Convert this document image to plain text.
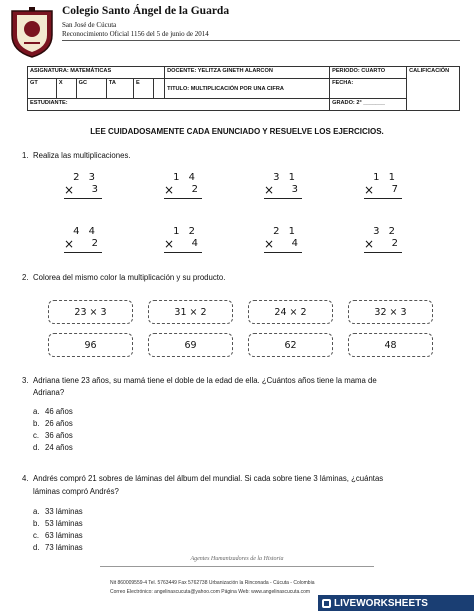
Colegio Santo Ángel de la Guarda
San José de Cúcuta
Reconocimiento Oficial 1156 del 5 de junio de 2014
ASIGNATURA: MATEMÁTICAS						DOCENTE: YELITZA GINETH ALARCON	PERIODO: CUARTO	CALIFICACIÓN
GT	X	GC	TA	E		TITULO: MULTIPLICACIÓN POR UNA CIFRA	FECHA:	
ESTUDIANTE:							GRADO: 2° _______	
LEE CUIDADOSAMENTE CADA ENUNCIADO Y RESUELVE LOS EJERCICIOS.
1. Realiza las multiplicaciones.
2 3
× 3
1 4
× 2
3 1
× 3
1 1
× 7
4 4
× 2
1 2
× 4
2 1
× 4
3 2
× 2
2. Colorea del mismo color la multiplicación y su producto.
23 × 3	31 × 2	24 × 2	32 × 3
96	69	62	48
3. Adriana tiene 23 años, su mamá tiene el doble de la edad de ella. ¿Cuántos años tiene la mama de
Adriana?
a. 46 años
b. 26 años
c. 36 años
d. 24 años
4. Andrés compró 21 sobres de láminas del álbum del mundial. Si cada sobre tiene 3 láminas, ¿cuántas
láminas compró Andrés?
a. 33 láminas
b. 53 láminas
c. 63 láminas
d. 73 láminas
Agentes Humanizadores de la Historia
Nit 860009559-4 Tel. 5763449 Fax 5762738 Urbanización la Rinconada - Cúcuta - Colombia
Correo Electrónico: angelinascucuta@yahoo.com Página Web: www.angelinascucuta.com
LIVEWORKSHEETS
